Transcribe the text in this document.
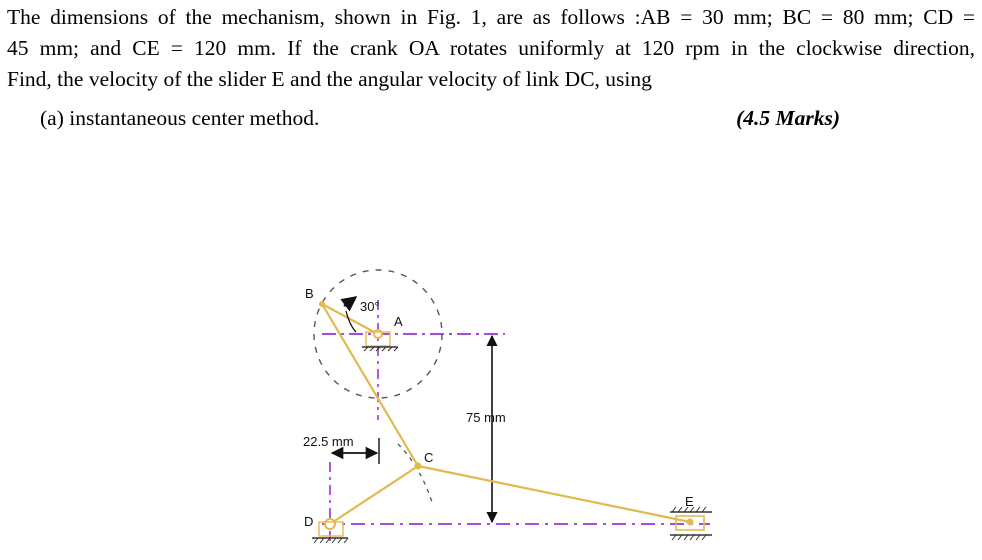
The dimensions of the mechanism, shown in Fig. 1, are as follows :AB = 30 mm; BC = 80 mm; CD =
45 mm; and CE = 120 mm. If the crank OA rotates uniformly at 120 rpm in the clockwise direction,
Find, the velocity of the slider E and the angular velocity of link DC, using
(a) instantaneous center method.	(4.5 Marks)
75 mm
22.5 mm
30°
A
B
C
D
E
